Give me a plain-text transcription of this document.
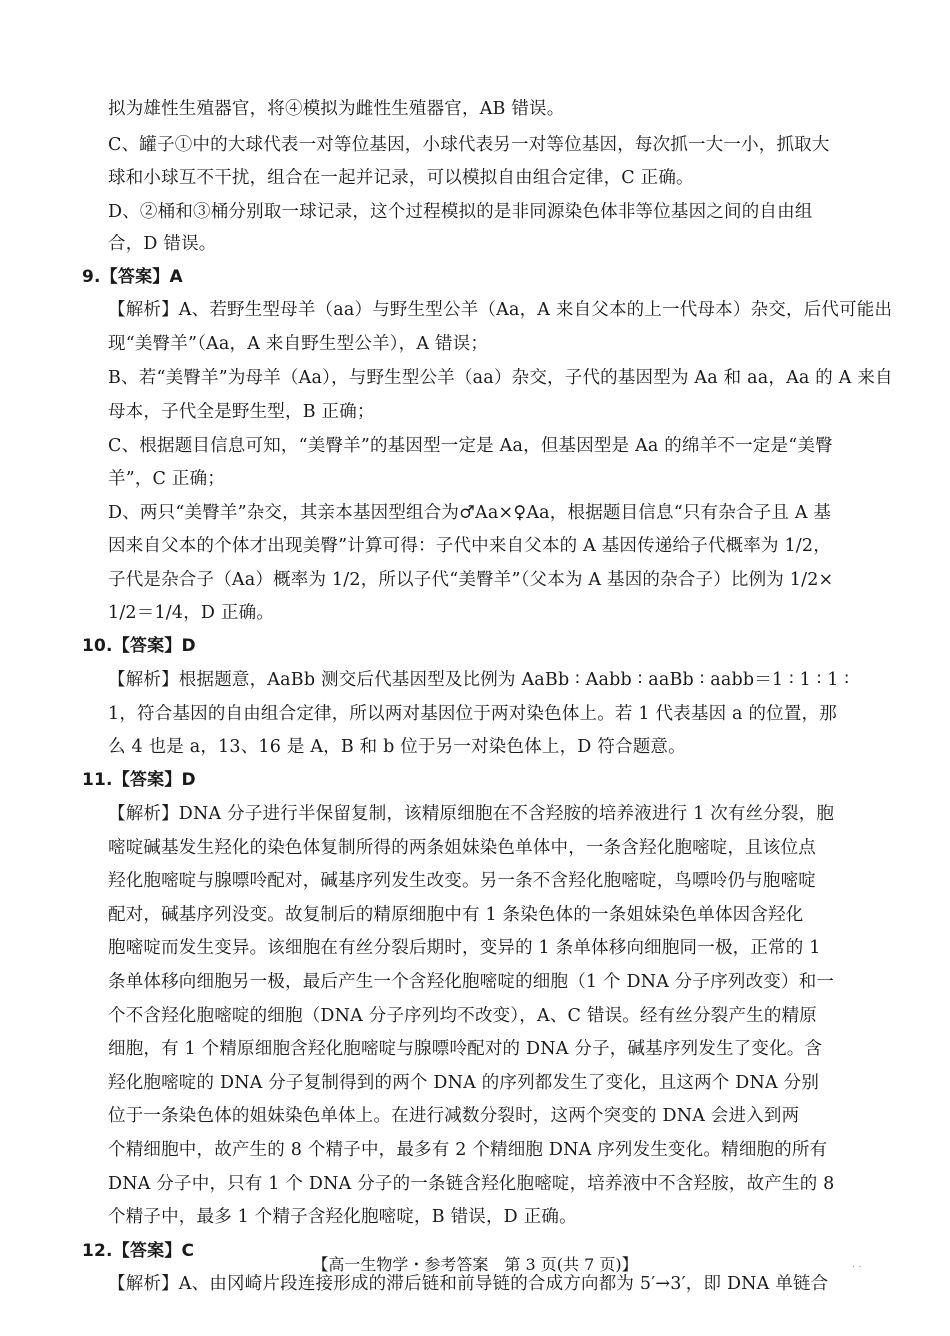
拟为雄性生殖器官，将④模拟为雌性生殖器官，AB 错误。
C、罐子①中的大球代表一对等位基因，小球代表另一对等位基因，每次抓一大一小，抓取大
球和小球互不干扰，组合在一起并记录，可以模拟自由组合定律，C 正确。
D、②桶和③桶分别取一球记录，这个过程模拟的是非同源染色体非等位基因之间的自由组
合，D 错误。
9.【答案】A
【解析】A、若野生型母羊（aa）与野生型公羊（Aa，A 来自父本的上一代母本）杂交，后代可能出
现“美臀羊”（Aa，A 来自野生型公羊），A 错误；
B、若“美臀羊”为母羊（Aa），与野生型公羊（aa）杂交，子代的基因型为 Aa 和 aa，Aa 的 A 来自
母本，子代全是野生型，B 正确；
C、根据题目信息可知，“美臀羊”的基因型一定是 Aa，但基因型是 Aa 的绵羊不一定是“美臀
羊”，C 正确；
D、两只“美臀羊”杂交，其亲本基因型组合为♂Aa×♀Aa，根据题目信息“只有杂合子且 A 基
因来自父本的个体才出现美臀”计算可得：子代中来自父本的 A 基因传递给子代概率为 1/2，
子代是杂合子（Aa）概率为 1/2，所以子代“美臀羊”（父本为 A 基因的杂合子）比例为 1/2×
1/2＝1/4，D 正确。
10.【答案】D
【解析】根据题意，AaBb 测交后代基因型及比例为 AaBb ∶ Aabb ∶ aaBb ∶ aabb＝1 ∶ 1 ∶ 1 ∶
1，符合基因的自由组合定律，所以两对基因位于两对染色体上。若 1 代表基因 a 的位置，那
么 4 也是 a，13、16 是 A，B 和 b 位于另一对染色体上，D 符合题意。
11.【答案】D
【解析】DNA 分子进行半保留复制，该精原细胞在不含羟胺的培养液进行 1 次有丝分裂，胞
嘧啶碱基发生羟化的染色体复制所得的两条姐妹染色单体中，一条含羟化胞嘧啶，且该位点
羟化胞嘧啶与腺嘌呤配对，碱基序列发生改变。另一条不含羟化胞嘧啶，鸟嘌呤仍与胞嘧啶
配对，碱基序列没变。故复制后的精原细胞中有 1 条染色体的一条姐妹染色单体因含羟化
胞嘧啶而发生变异。该细胞在有丝分裂后期时，变异的 1 条单体移向细胞同一极，正常的 1
条单体移向细胞另一极，最后产生一个含羟化胞嘧啶的细胞（1 个 DNA 分子序列改变）和一
个不含羟化胞嘧啶的细胞（DNA 分子序列均不改变），A、C 错误。经有丝分裂产生的精原
细胞，有 1 个精原细胞含羟化胞嘧啶与腺嘌呤配对的 DNA 分子，碱基序列发生了变化。含
羟化胞嘧啶的 DNA 分子复制得到的两个 DNA 的序列都发生了变化，且这两个 DNA 分别
位于一条染色体的姐妹染色单体上。在进行减数分裂时，这两个突变的 DNA 会进入到两
个精细胞中，故产生的 8 个精子中，最多有 2 个精细胞 DNA 序列发生变化。精细胞的所有
DNA 分子中，只有 1 个 DNA 分子的一条链含羟化胞嘧啶，培养液中不含羟胺，故产生的 8
个精子中，最多 1 个精子含羟化胞嘧啶，B 错误，D 正确。
12.【答案】C
【解析】A、由冈崎片段连接形成的滞后链和前导链的合成方向都为 5′→3′，即 DNA 单链合
【高一生物学・参考答案　第 3 页(共 7 页)】	· ·
